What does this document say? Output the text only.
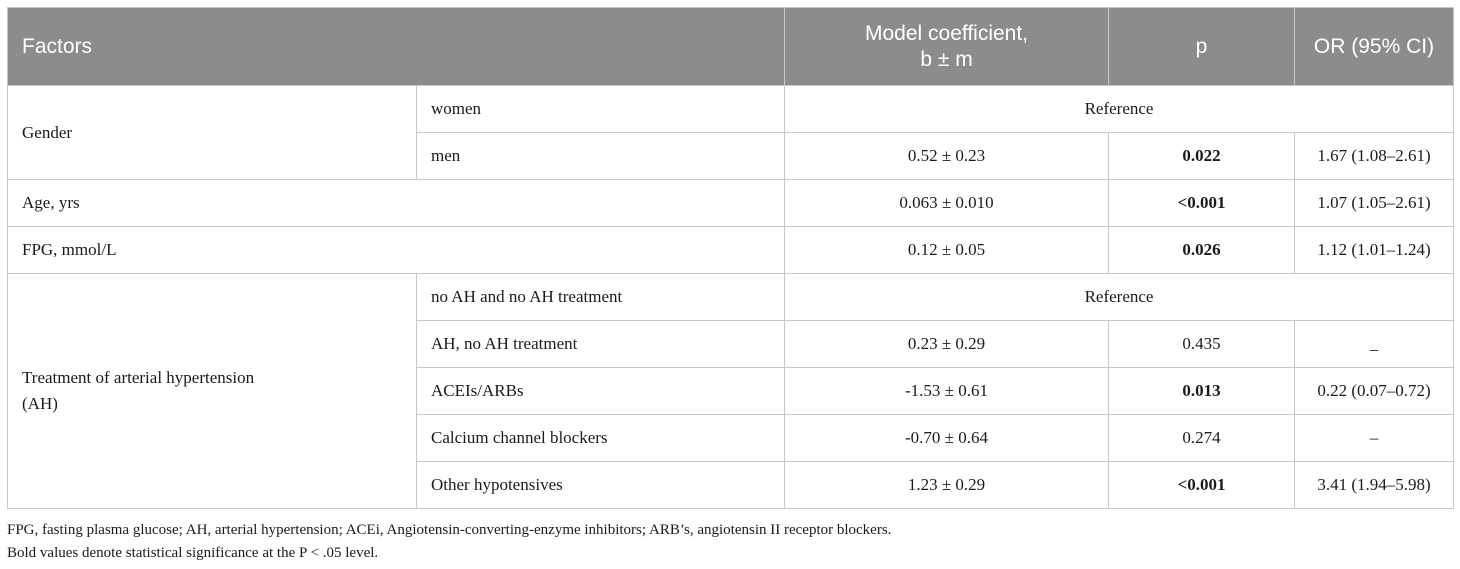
Factors		Model coefficient,
b ± m	p	OR (95% CI)
Gender	women	Reference		
	men	0.52 ± 0.23	0.022	1.67 (1.08–2.61)
Age, yrs		0.063 ± 0.010	<0.001	1.07 (1.05–2.61)
FPG, mmol/L		0.12 ± 0.05	0.026	1.12 (1.01–1.24)
Treatment of arterial hypertension
(AH)	no AH and no AH treatment	Reference		
	AH, no AH treatment	0.23 ± 0.29	0.435	_
	ACEIs/ARBs	-1.53 ± 0.61	0.013	0.22 (0.07–0.72)
	Calcium channel blockers	-0.70 ± 0.64	0.274	–
	Other hypotensives	1.23 ± 0.29	<0.001	3.41 (1.94–5.98)

FPG, fasting plasma glucose; AH, arterial hypertension; ACEi, Angiotensin-converting-enzyme inhibitors; ARB’s, angiotensin II receptor blockers.

Bold values denote statistical significance at the P < .05 level.
